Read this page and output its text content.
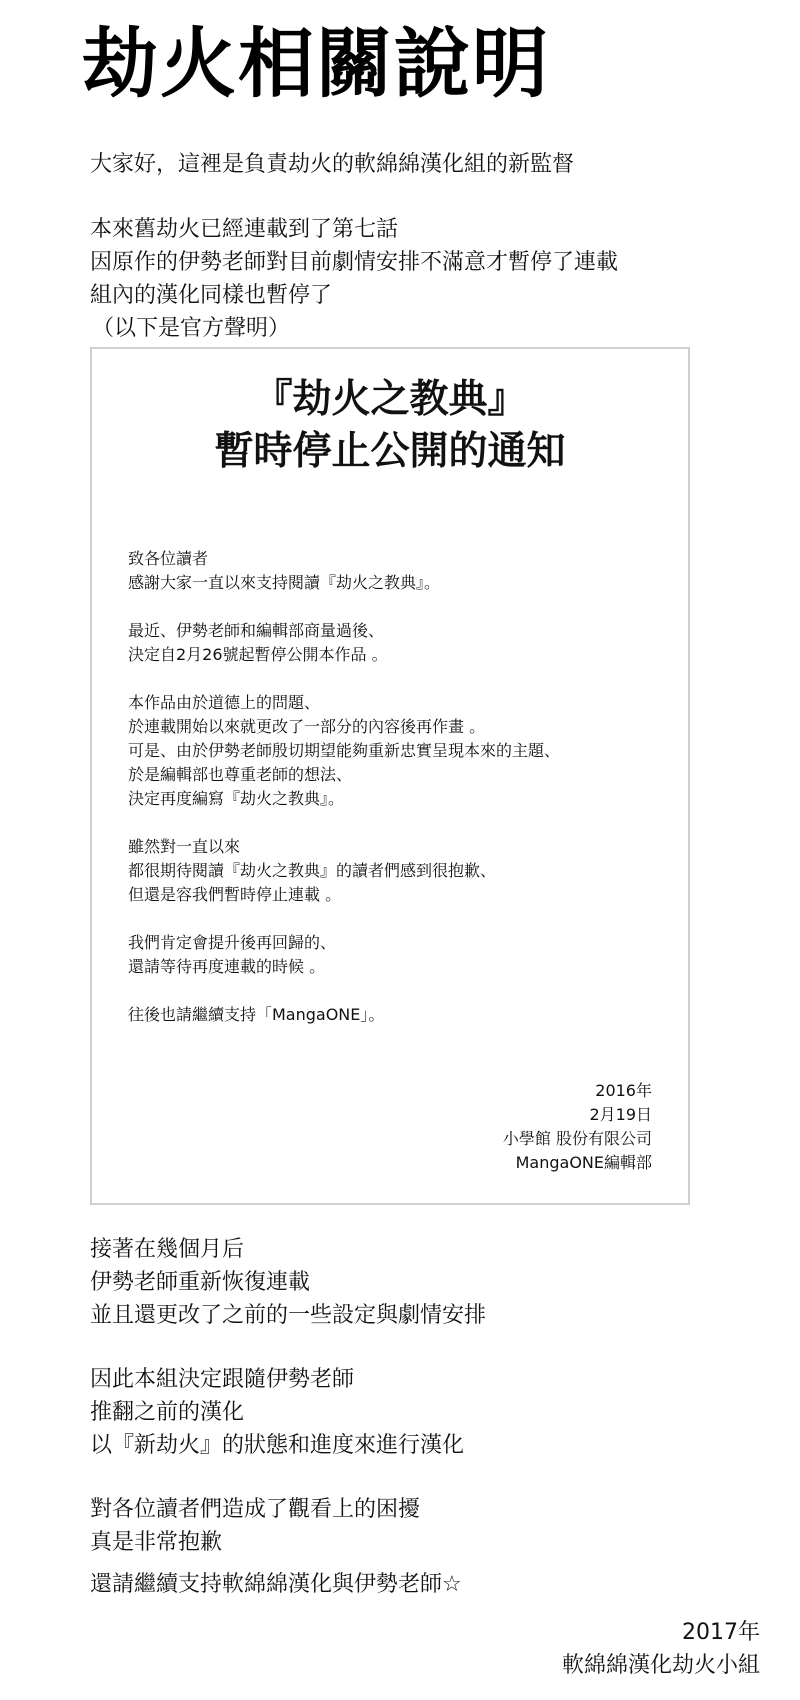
劫火相關說明
大家好，這裡是負責劫火的軟綿綿漢化組的新監督
本來舊劫火已經連載到了第七話
因原作的伊勢老師對目前劇情安排不滿意才暫停了連載
組內的漢化同樣也暫停了
（以下是官方聲明）
『劫火之教典』
暫時停止公開的通知
致各位讀者
感謝大家一直以來支持閱讀『劫火之教典』。
最近、伊勢老師和編輯部商量過後、
決定自2月26號起暫停公開本作品 。
本作品由於道德上的問題、
於連載開始以來就更改了一部分的內容後再作畫 。
可是、由於伊勢老師殷切期望能夠重新忠實呈現本來的主題、
於是編輯部也尊重老師的想法、
決定再度編寫『劫火之教典』。
雖然對一直以來
都很期待閱讀『劫火之教典』的讀者們感到很抱歉、
但還是容我們暫時停止連載 。
我們肯定會提升後再回歸的、
還請等待再度連載的時候 。
往後也請繼續支持「MangaONE」。
2016年
2月19日
小學館 股份有限公司
MangaONE編輯部
接著在幾個月后
伊勢老師重新恢復連載
並且還更改了之前的一些設定與劇情安排
因此本組決定跟隨伊勢老師
推翻之前的漢化
以『新劫火』的狀態和進度來進行漢化
對各位讀者們造成了觀看上的困擾
真是非常抱歉
還請繼續支持軟綿綿漢化與伊勢老師☆
2017年
軟綿綿漢化劫火小組
